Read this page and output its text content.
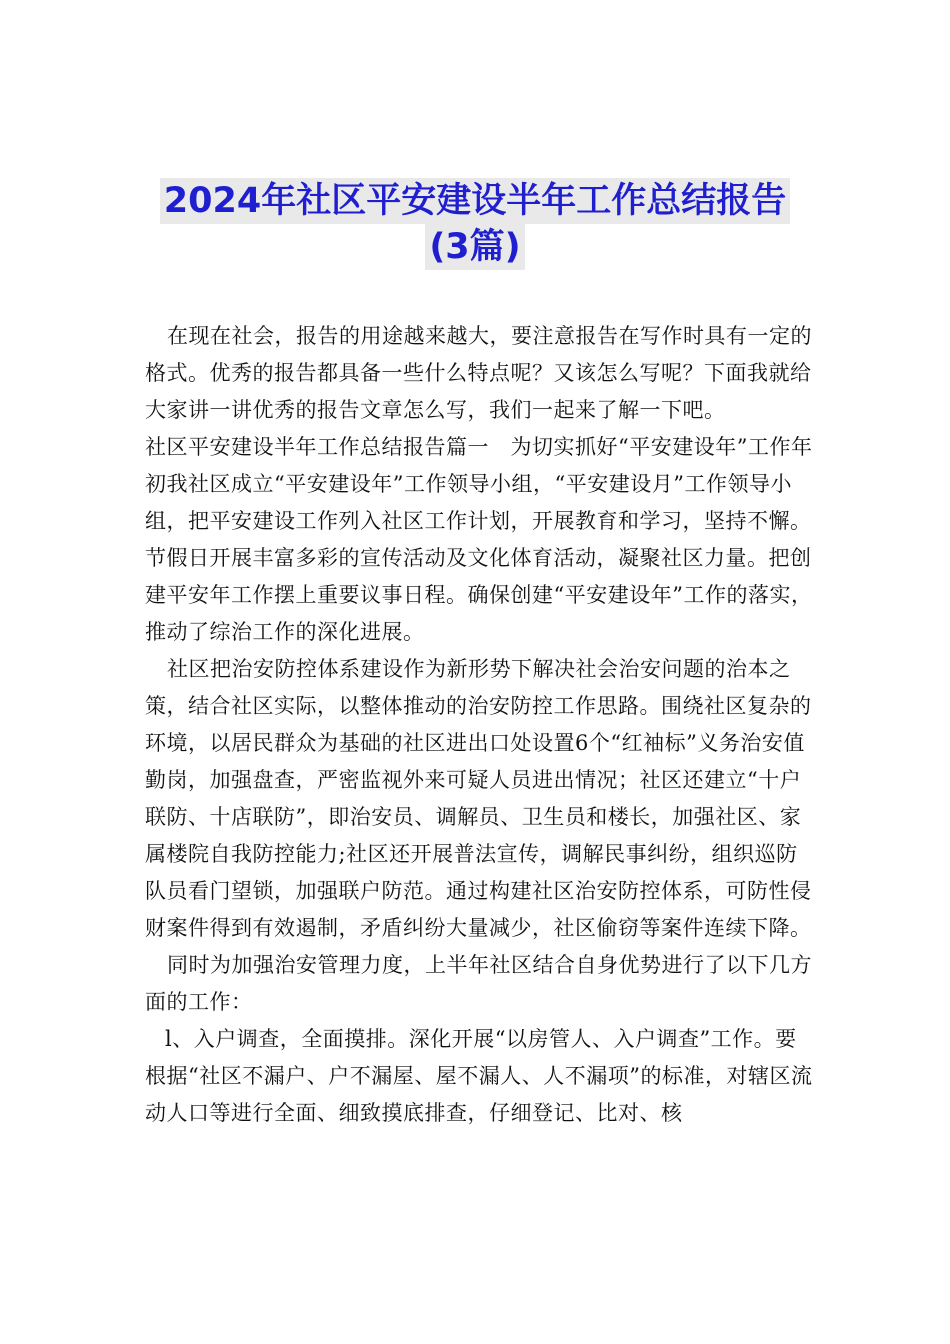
2024年社区平安建设半年工作总结报告
(3篇)

在现在社会，报告的用途越来越大，要注意报告在写作时具有一定的格式。优秀的报告都具备一些什么特点呢？又该怎么写呢？下面我就给大家讲一讲优秀的报告文章怎么写，我们一起来了解一下吧。

社区平安建设半年工作总结报告篇一　为切实抓好“平安建设年”工作年初我社区成立“平安建设年”工作领导小组，“平安建设月”工作领导小组，把平安建设工作列入社区工作计划，开展教育和学习，坚持不懈。节假日开展丰富多彩的宣传活动及文化体育活动，凝聚社区力量。把创建平安年工作摆上重要议事日程。确保创建“平安建设年”工作的落实，推动了综治工作的深化进展。

社区把治安防控体系建设作为新形势下解决社会治安问题的治本之策，结合社区实际，以整体推动的治安防控工作思路。围绕社区复杂的环境，以居民群众为基础的社区进出口处设置6个“红袖标”义务治安值勤岗，加强盘查，严密监视外来可疑人员进出情况；社区还建立“十户联防、十店联防”，即治安员、调解员、卫生员和楼长，加强社区、家属楼院自我防控能力;社区还开展普法宣传，调解民事纠纷，组织巡防队员看门望锁，加强联户防范。通过构建社区治安防控体系，可防性侵财案件得到有效遏制，矛盾纠纷大量减少，社区偷窃等案件连续下降。

同时为加强治安管理力度，上半年社区结合自身优势进行了以下几方面的工作：

l、入户调查，全面摸排。深化开展“以房管人、入户调查”工作。要根据“社区不漏户、户不漏屋、屋不漏人、人不漏项”的标准，对辖区流动人口等进行全面、细致摸底排查，仔细登记、比对、核
